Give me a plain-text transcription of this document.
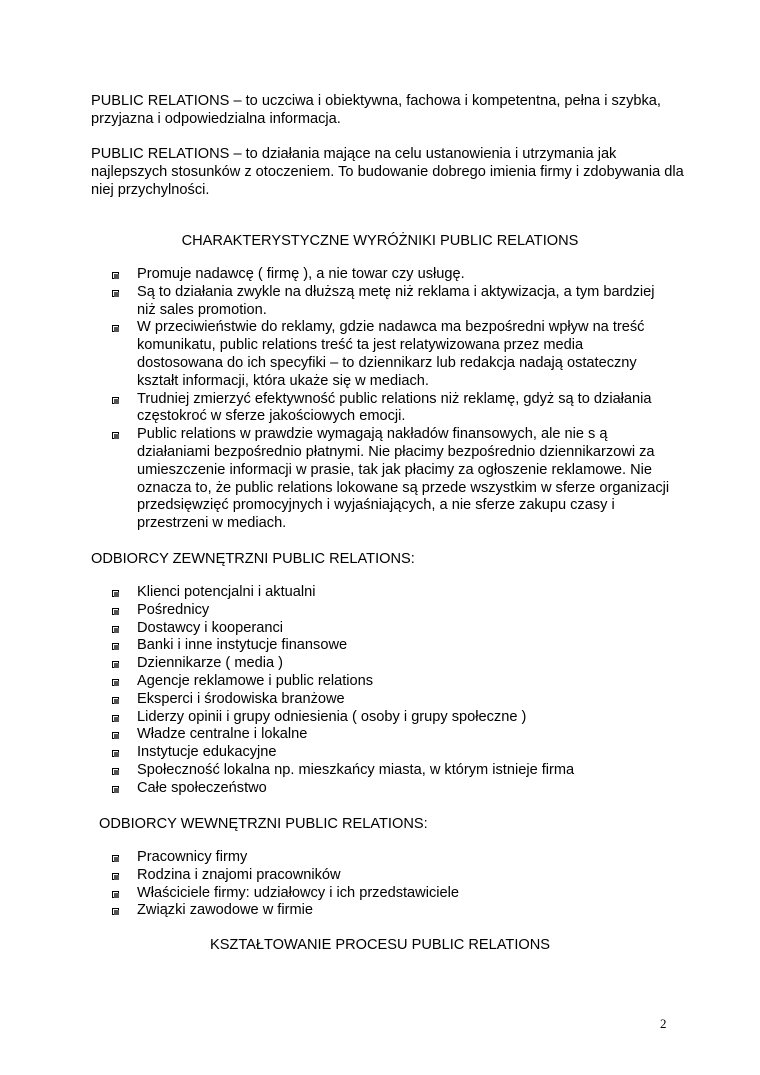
PUBLIC RELATIONS – to uczciwa i obiektywna, fachowa i kompetentna, pełna i szybka, przyjazna i odpowiedzialna informacja.

PUBLIC RELATIONS – to działania mające na celu ustanowienia i utrzymania jak najlepszych stosunków z otoczeniem. To budowanie dobrego imienia firmy i zdobywania dla niej przychylności.

CHARAKTERYSTYCZNE WYRÓŻNIKI PUBLIC RELATIONS

Promuje nadawcę ( firmę ), a nie towar czy usługę.
Są to działania zwykle na dłuższą metę niż reklama i aktywizacja, a tym bardziej niż sales promotion.
W przeciwieństwie do reklamy, gdzie nadawca ma bezpośredni wpływ na treść komunikatu, public relations treść ta jest relatywizowana przez media dostosowana do ich specyfiki – to dziennikarz lub redakcja nadają ostateczny kształt informacji, która ukaże się w mediach.
Trudniej zmierzyć efektywność public relations niż reklamę, gdyż są to działania częstokroć w sferze jakościowych emocji.
Public relations w prawdzie wymagają nakładów finansowych, ale nie s ą działaniami bezpośrednio płatnymi. Nie płacimy bezpośrednio dziennikarzowi za umieszczenie informacji w prasie, tak jak płacimy za ogłoszenie reklamowe. Nie oznacza to, że public relations lokowane są przede wszystkim w sferze organizacji przedsięwzięć promocyjnych i wyjaśniających, a nie sferze zakupu czasy i przestrzeni w mediach.

ODBIORCY ZEWNĘTRZNI PUBLIC RELATIONS:

Klienci potencjalni i aktualni
Pośrednicy
Dostawcy i kooperanci
Banki i inne instytucje finansowe
Dziennikarze ( media )
Agencje reklamowe i public relations
Eksperci i środowiska branżowe
Liderzy opinii i grupy odniesienia ( osoby i grupy społeczne )
Władze centralne i lokalne
Instytucje edukacyjne
Społeczność lokalna np. mieszkańcy miasta, w którym istnieje firma
Całe społeczeństwo

ODBIORCY WEWNĘTRZNI PUBLIC RELATIONS:

Pracownicy firmy
Rodzina i znajomi pracowników
Właściciele firmy: udziałowcy i ich przedstawiciele
Związki zawodowe w firmie

KSZTAŁTOWANIE PROCESU PUBLIC RELATIONS

2
